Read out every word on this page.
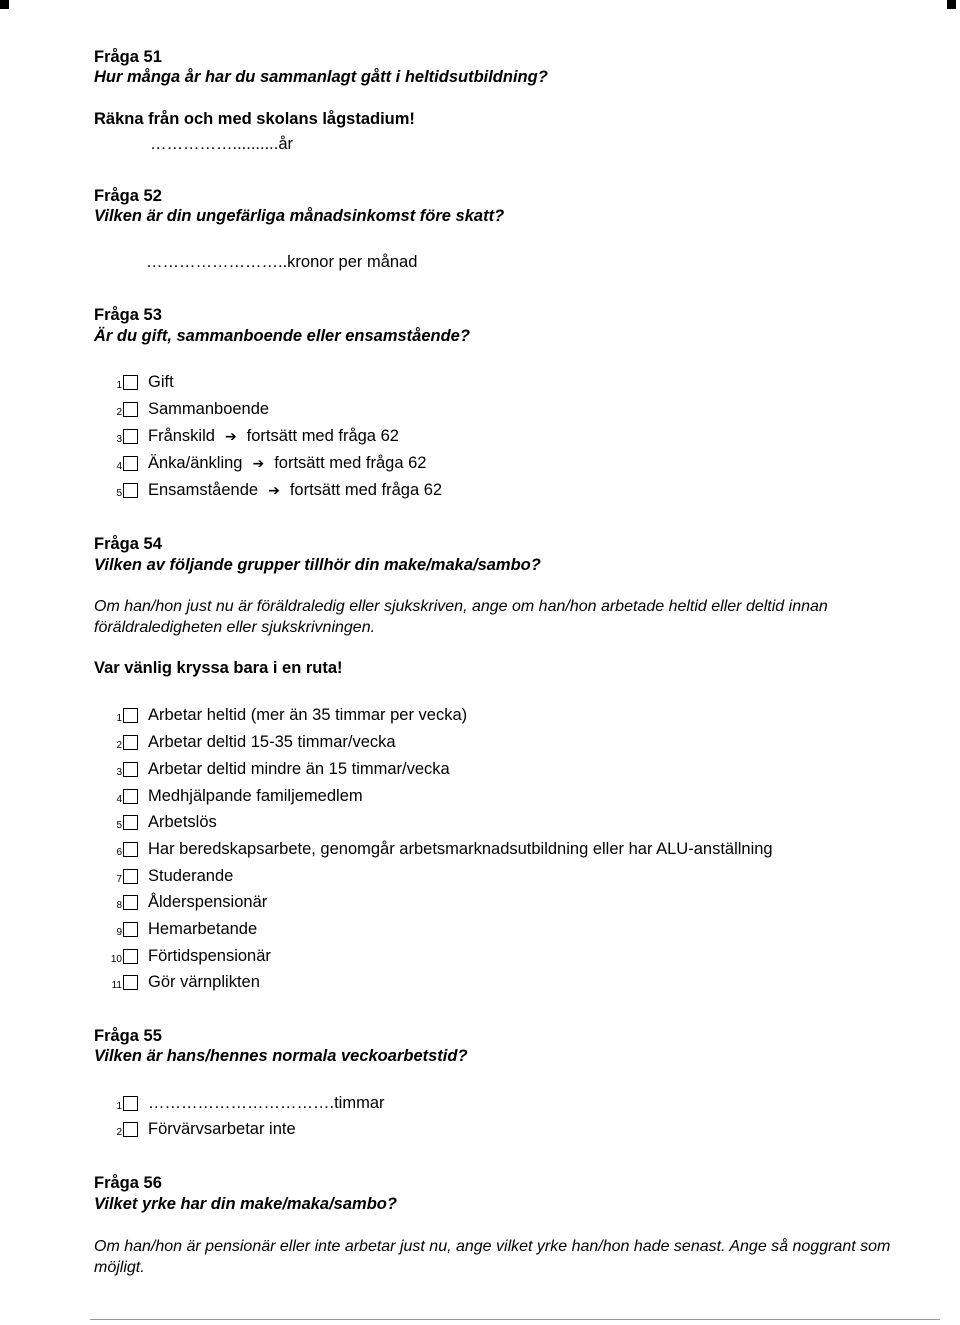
Fråga 51
Hur många år har du sammanlagt gått i heltidsutbildning?
Räkna från och med skolans lågstadium!
……………..........år
Fråga 52
Vilken är din ungefärliga månadsinkomst före skatt?
……………………..kronor per månad
Fråga 53
Är du gift, sammanboende eller ensamstående?
1 Gift
2 Sammanboende
3 Frånskild ➔ fortsätt med fråga 62
4 Änka/änkling ➔ fortsätt med fråga 62
5 Ensamstående ➔ fortsätt med fråga 62
Fråga 54
Vilken av följande grupper tillhör din make/maka/sambo?
Om han/hon just nu är föräldraledig eller sjukskriven, ange om han/hon arbetade heltid eller deltid innan föräldraledigheten eller sjukskrivningen.
Var vänlig kryssa bara i en ruta!
1 Arbetar heltid (mer än 35 timmar per vecka)
2 Arbetar deltid 15-35 timmar/vecka
3 Arbetar deltid mindre än 15 timmar/vecka
4 Medhjälpande familjemedlem
5 Arbetslös
6 Har beredskapsarbete, genomgår arbetsmarknadsutbildning eller har ALU-anställning
7 Studerande
8 Ålderspensionär
9 Hemarbetande
10 Förtidspensionär
11 Gör värnplikten
Fråga 55
Vilken är hans/hennes normala veckoarbetstid?
1 …………………………….timmar
2 Förvärvsarbetar inte
Fråga 56
Vilket yrke har din make/maka/sambo?
Om han/hon är pensionär eller inte arbetar just nu, ange vilket yrke han/hon hade senast. Ange så noggrant som möjligt.
